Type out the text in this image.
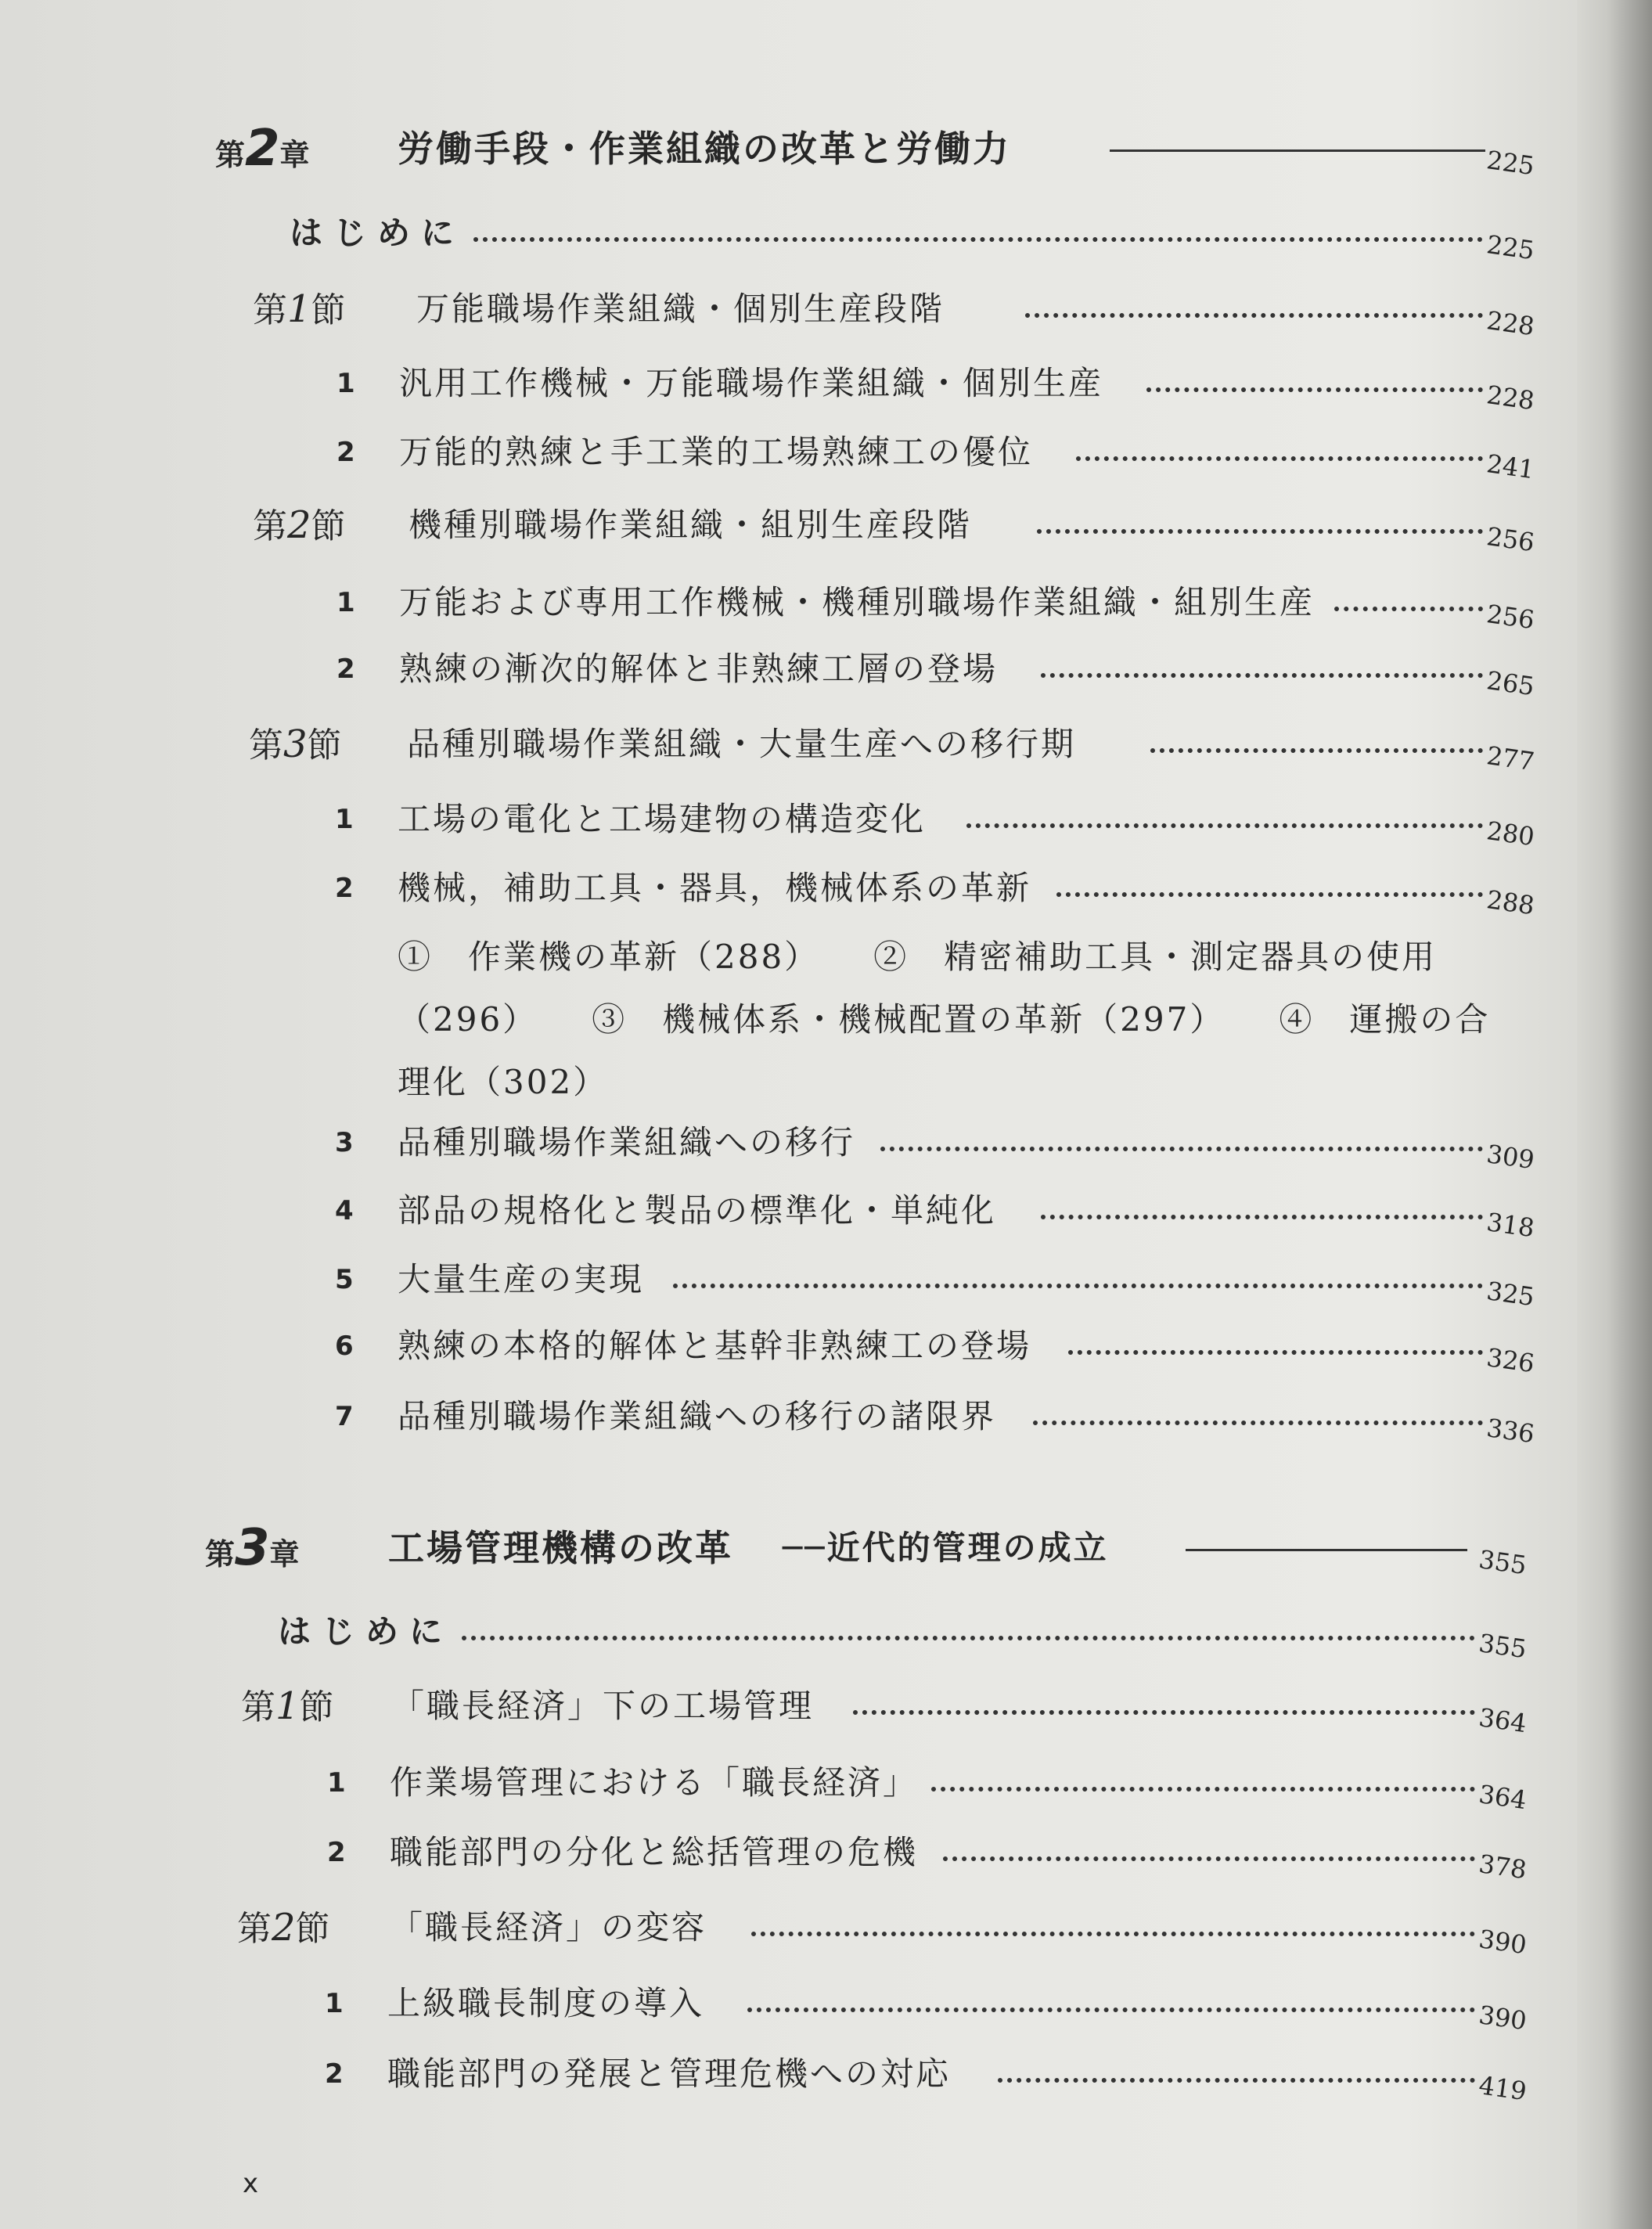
第2章 労働手段・作業組織の改革と労働力	225
はじめに	225
第1節 万能職場作業組織・個別生産段階	228
1 汎用工作機械・万能職場作業組織・個別生産	228
2 万能的熟練と手工業的工場熟練工の優位	241
第2節 機種別職場作業組織・組別生産段階	256
1 万能および専用工作機械・機種別職場作業組織・組別生産	256
2 熟練の漸次的解体と非熟練工層の登場	265
第3節 品種別職場作業組織・大量生産への移行期	277
1 工場の電化と工場建物の構造変化	280
2 機械，補助工具・器具，機械体系の革新	288
①　作業機の革新（288）　　②　精密補助工具・測定器具の使用
（296）　　③　機械体系・機械配置の革新（297）　　④　運搬の合
理化（302）
3 品種別職場作業組織への移行	309
4 部品の規格化と製品の標準化・単純化	318
5 大量生産の実現	325
6 熟練の本格的解体と基幹非熟練工の登場	326
7 品種別職場作業組織への移行の諸限界	336
第3章 工場管理機構の改革 ──近代的管理の成立	355
はじめに	355
第1節 「職長経済」下の工場管理	364
1 作業場管理における「職長経済」	364
2 職能部門の分化と総括管理の危機	378
第2節 「職長経済」の変容	390
1 上級職長制度の導入	390
2 職能部門の発展と管理危機への対応	419
x
